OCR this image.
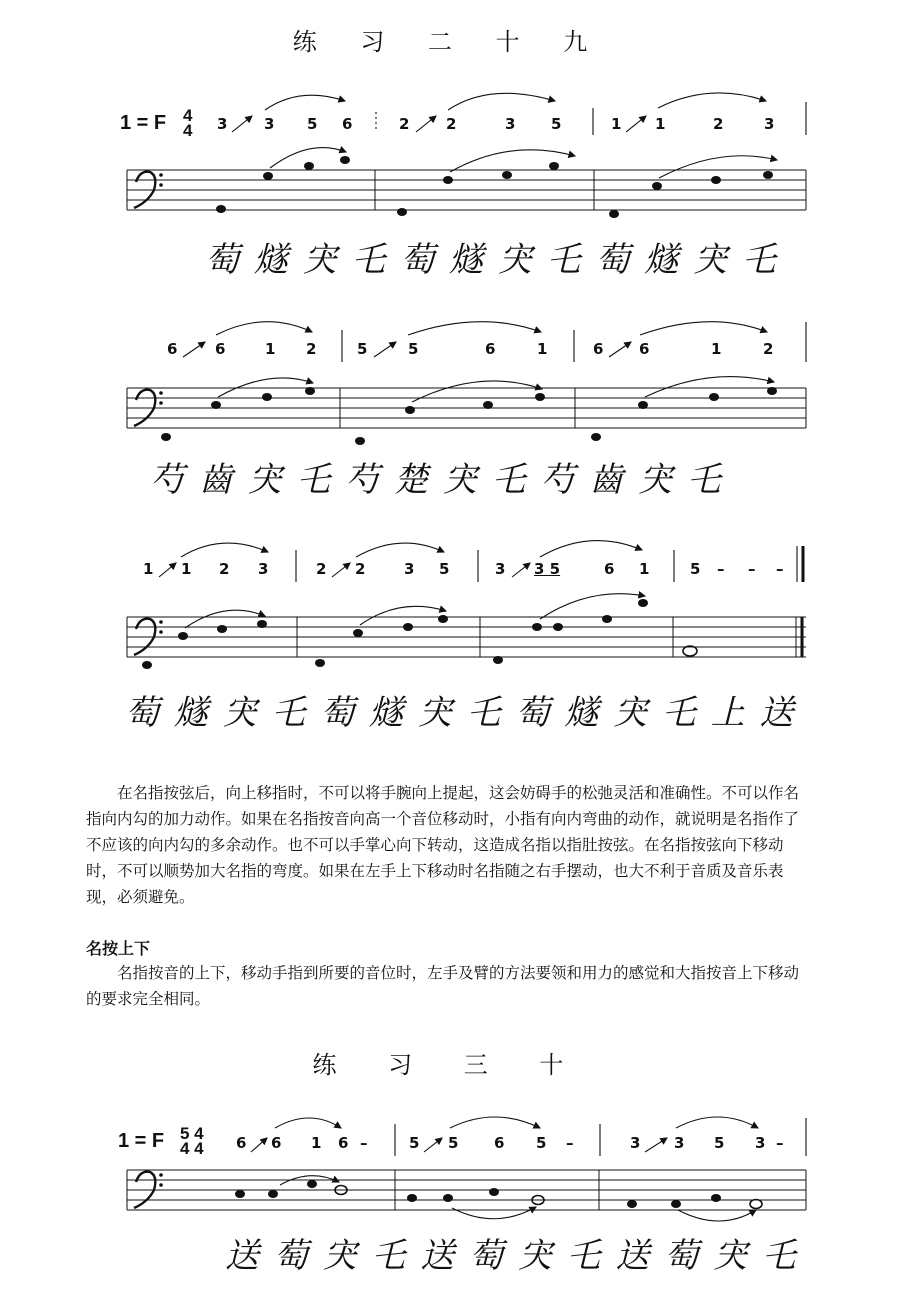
练 习 二 十 九
1 = F 4
4 3 3 5 6	2 2	3 5	1 1	2	3
6	6	1 2	5	5	6	1	6 6	1	2
1 1 2 3	2 2	3 5	3 3 5	6 1	5 – – –
萄 燧 宊 乇 萄 燧 宊 乇 萄 燧 宊 乇
芍 齒 宊 乇 芍 楚 宊 乇 芍 齒 宊 乇
萄 燧 宊 乇 萄 燧 宊 乇 萄 燧 宊 乇 上 送

在名指按弦后，向上移指时，不可以将手腕向上提起，这会妨碍手的松弛灵活和准确性。不可以作名指向内勾的加力动作。如果在名指按音向高一个音位移动时，小指有向内弯曲的动作，就说明是名指作了不应该的向内勾的多余动作。也不可以手掌心向下转动，这造成名指以指肚按弦。在名指按弦向下移动时，不可以顺势加大名指的弯度。如果在左手上下移动时名指随之右手摆动，也大不利于音质及音乐表现，必须避免。

名按上下

名指按音的上下，移动手指到所要的音位时，左手及臂的方法要领和用力的感觉和大指按音上下移动的要求完全相同。

练 习 三 十
1 = F 5 4
4 4 6 6 1 6 –	5 5 6 5 –	3 3 5 3 –
送 萄 宊 乇 送 萄 宊 乇 送 萄 宊 乇
